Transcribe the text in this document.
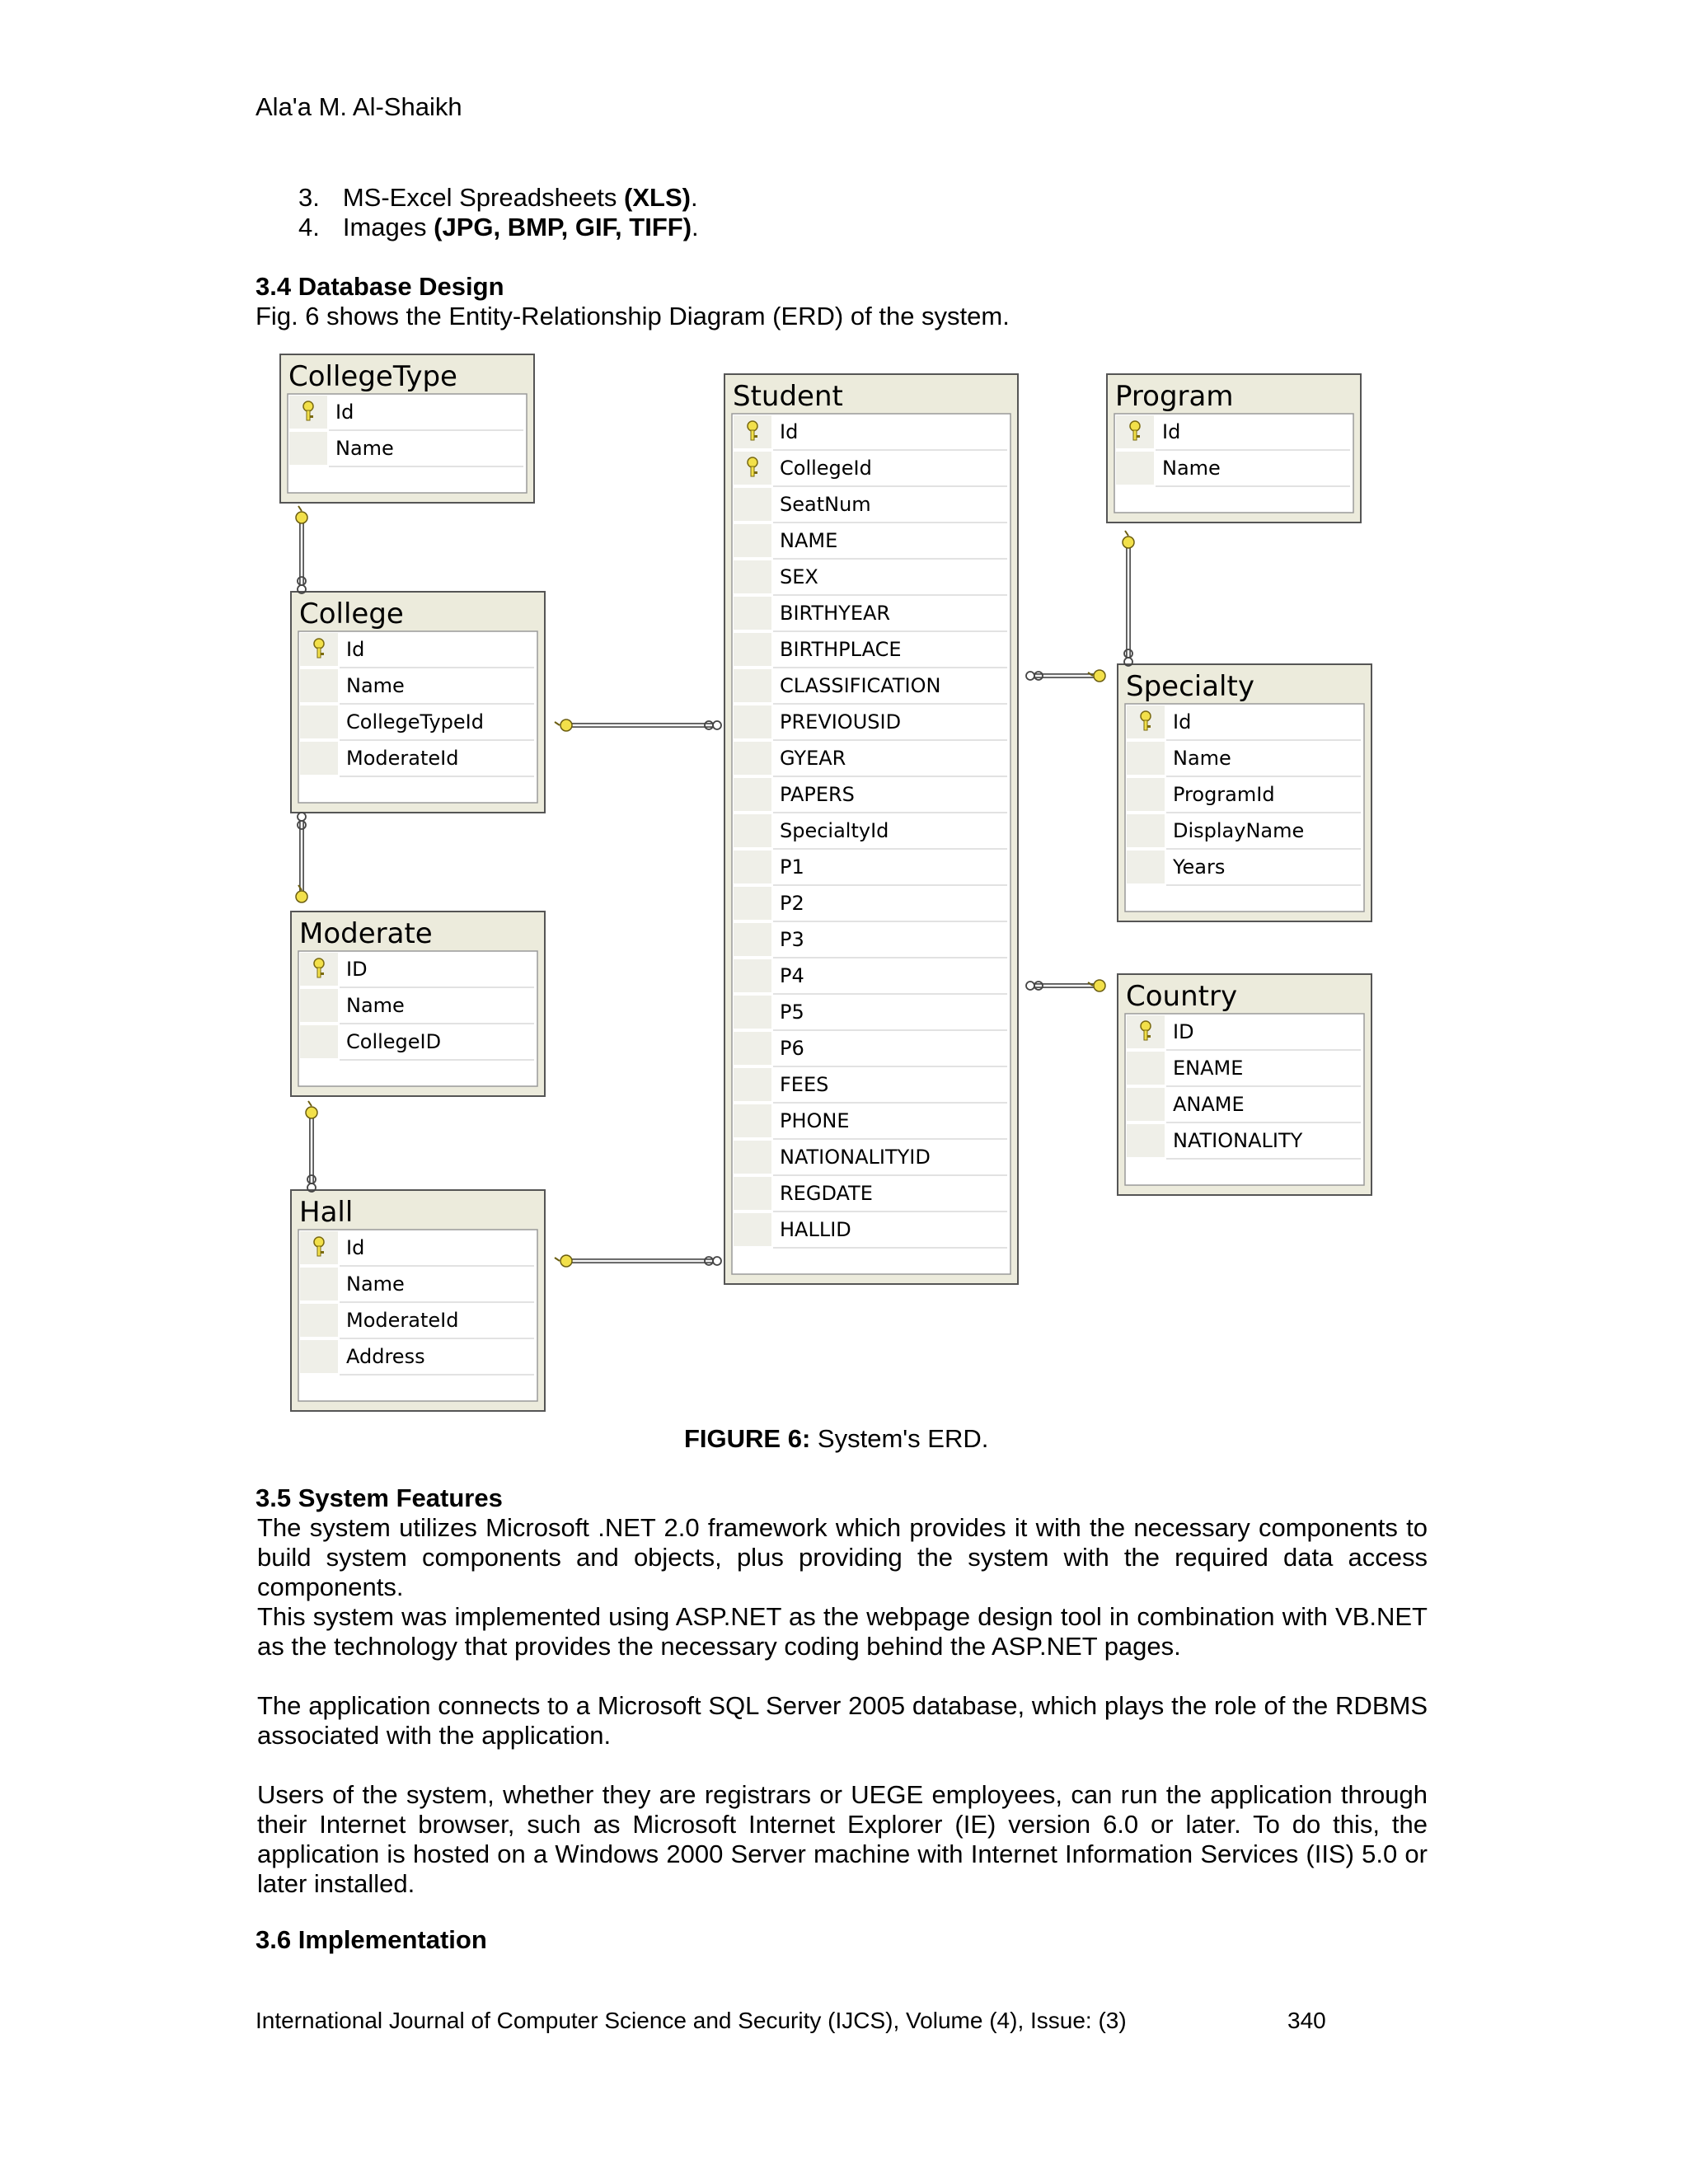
Ala'a M. Al-Shaikh
3. MS-Excel Spreadsheets (XLS).
4. Images (JPG, BMP, GIF, TIFF).
3.4 Database Design
Fig. 6 shows the Entity-Relationship Diagram (ERD) of the system.
CollegeType
Id
Name
College
Id
Name
CollegeTypeId
ModerateId
Moderate
ID
Name
CollegeID
Hall
Id
Name
ModerateId
Address
Student
Id
CollegeId
SeatNum
NAME
SEX
BIRTHYEAR
BIRTHPLACE
CLASSIFICATION
PREVIOUSID
GYEAR
PAPERS
SpecialtyId
P1
P2
P3
P4
P5
P6
FEES
PHONE
NATIONALITYID
REGDATE
HALLID
Program
Id
Name
Specialty
Id
Name
ProgramId
DisplayName
Years
Country
ID
ENAME
ANAME
NATIONALITY
FIGURE 6: System's ERD.
3.5 System Features
The system utilizes Microsoft .NET 2.0 framework which provides it with the necessary components to build system components and objects, plus providing the system with the required data access components.
This system was implemented using ASP.NET as the webpage design tool in combination with VB.NET as the technology that provides the necessary coding behind the ASP.NET pages.
The application connects to a Microsoft SQL Server 2005 database, which plays the role of the RDBMS associated with the application.
Users of the system, whether they are registrars or UEGE employees, can run the application through their Internet browser, such as Microsoft Internet Explorer (IE) version 6.0 or later. To do this, the application is hosted on a Windows 2000 Server machine with Internet Information Services (IIS) 5.0 or later installed.
3.6 Implementation
International Journal of Computer Science and Security (IJCS), Volume (4), Issue: (3)	340
